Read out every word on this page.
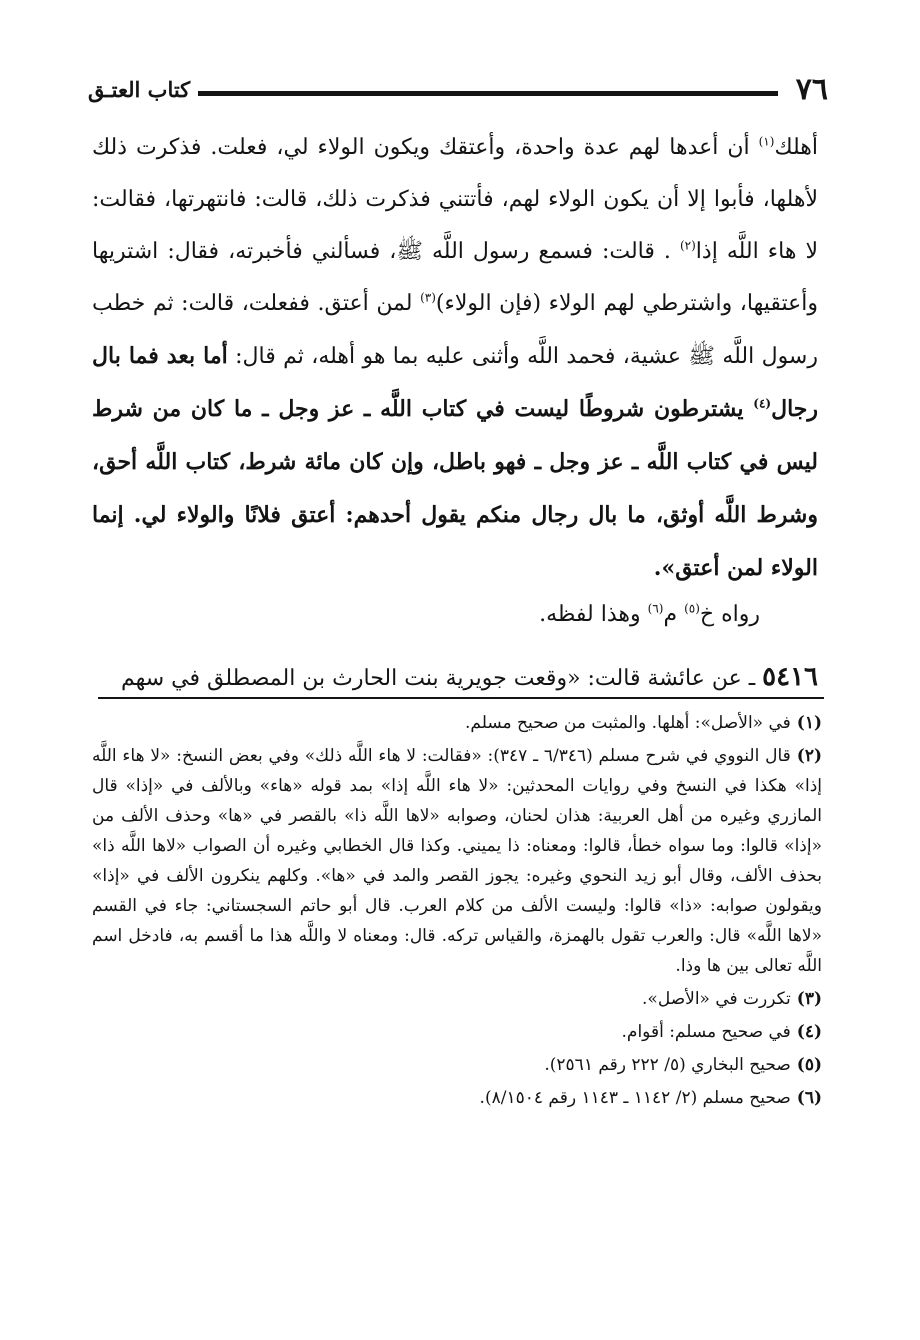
٧٦
كتاب العتـق

أهلك$^{(١)}$ أن أعدها لهم عدة واحدة، وأعتقك ويكون الولاء لي، فعلت. فذكرت ذلك لأهلها، فأبوا إلا أن يكون الولاء لهم، فأتتني فذكرت ذلك، قالت: فانتهرتها، فقالت: لا هاء اللَّه إذا$^{(٢)}$ . قالت: فسمع رسول اللَّه ﷺ، فسألني فأخبرته، فقال: اشتريها وأعتقيها، واشترطي لهم الولاء (فإن الولاء)$^{(٣)}$ لمن أعتق. ففعلت، قالت: ثم خطب رسول اللَّه ﷺ عشية، فحمد اللَّه وأثنى عليه بما هو أهله، ثم قال: أما بعد فما بال رجال$^{(٤)}$ يشترطون شروطًا ليست في كتاب اللَّه ـ عز وجل ـ ما كان من شرط ليس في كتاب اللَّه ـ عز وجل ـ فهو باطل، وإن كان مائة شرط، كتاب اللَّه أحق، وشرط اللَّه أوثق، ما بال رجال منكم يقول أحدهم: أعتق فلانًا والولاء لي. إنما الولاء لمن أعتق».

رواه خ$^{(٥)}$ م$^{(٦)}$ وهذا لفظه.

٥٤١٦ ـ عن عائشة قالت: «وقعت جويرية بنت الحارث بن المصطلق في سهم

(١)في «الأصل»: أهلها. والمثبت من صحيح مسلم.

(٢)قال النووي في شرح مسلم (٦/٣٤٦ ـ ٣٤٧): «فقالت: لا هاء اللَّه ذلك» وفي بعض النسخ: «لا هاء اللَّه إذا» هكذا في النسخ وفي روايات المحدثين: «لا هاء اللَّه إذا» بمد قوله «هاء» وبالألف في «إذا» قال المازري وغيره من أهل العربية: هذان لحنان، وصوابه «لاها اللَّه ذا» بالقصر في «ها» وحذف الألف من «إذا» قالوا: وما سواه خطأ، قالوا: ومعناه: ذا يميني. وكذا قال الخطابي وغيره أن الصواب «لاها اللَّه ذا» بحذف الألف، وقال أبو زيد النحوي وغيره: يجوز القصر والمد في «ها». وكلهم ينكرون الألف في «إذا» ويقولون صوابه: «ذا» قالوا: وليست الألف من كلام العرب. قال أبو حاتم السجستاني: جاء في القسم «لاها اللَّه» قال: والعرب تقول بالهمزة، والقياس تركه. قال: ومعناه لا واللَّه هذا ما أقسم به، فادخل اسم اللَّه تعالى بين ها وذا.

(٣)تكررت في «الأصل».

(٤)في صحيح مسلم: أقوام.

(٥)صحيح البخاري (٥/ ٢٢٢ رقم ٢٥٦١).

(٦)صحيح مسلم (٢/ ١١٤٢ ـ ١١٤٣ رقم ٨/١٥٠٤).
